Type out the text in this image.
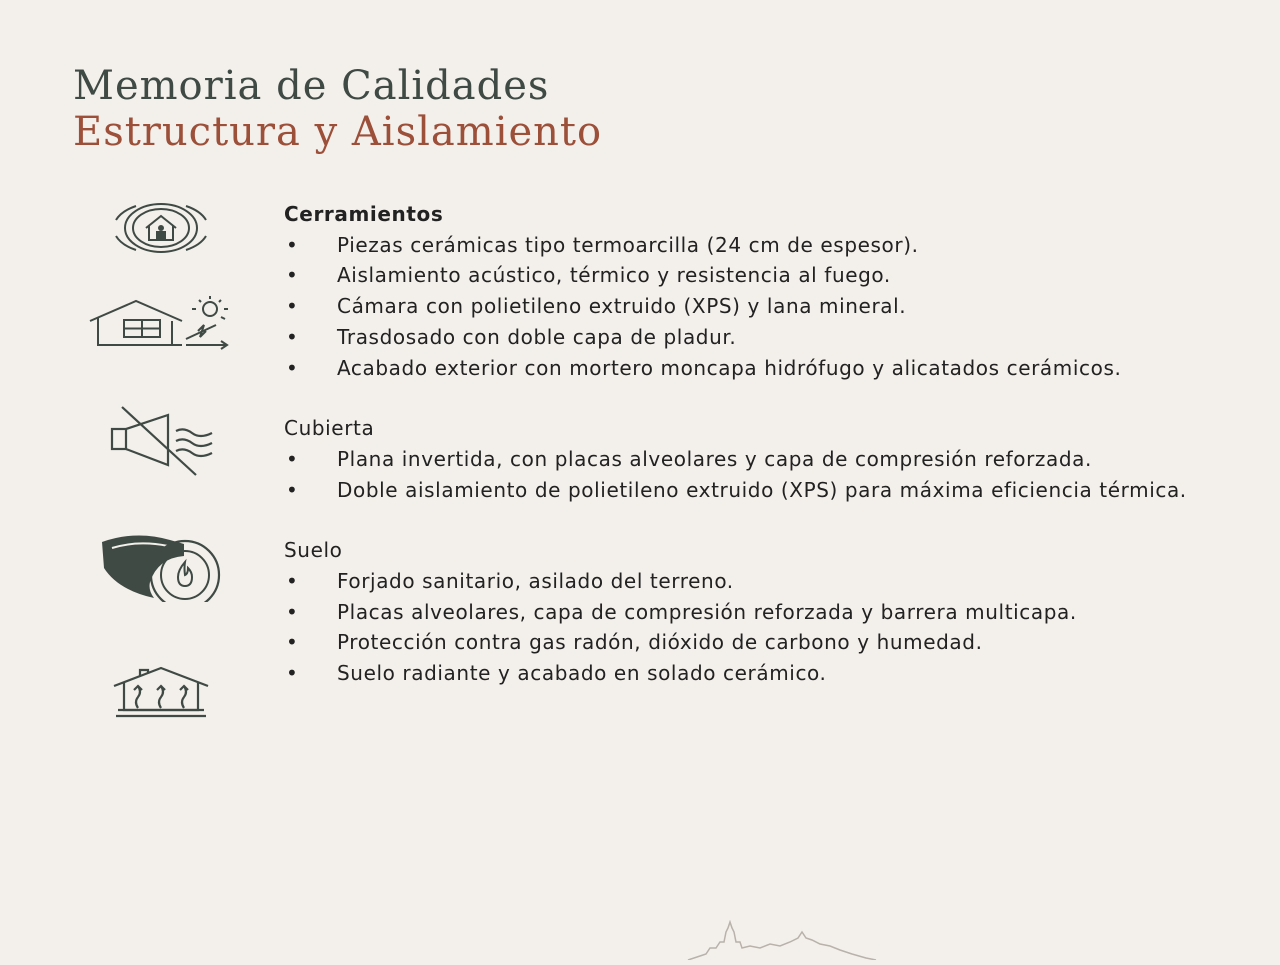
Memoria de Calidades
Estructura y Aislamiento
Cerramientos
• Piezas cerámicas tipo termoarcilla (24 cm de espesor).
• Aislamiento acústico, térmico y resistencia al fuego.
• Cámara con polietileno extruido (XPS) y lana mineral.
• Trasdosado con doble capa de pladur.
• Acabado exterior con mortero moncapa hidrófugo y alicatados cerámicos.
Cubierta
• Plana invertida, con placas alveolares y capa de compresión reforzada.
• Doble aislamiento de polietileno extruido (XPS) para máxima eficiencia térmica.
Suelo
• Forjado sanitario, asilado del terreno.
• Placas alveolares, capa de compresión reforzada y barrera multicapa.
• Protección contra gas radón, dióxido de carbono y humedad.
• Suelo radiante y acabado en solado cerámico.
